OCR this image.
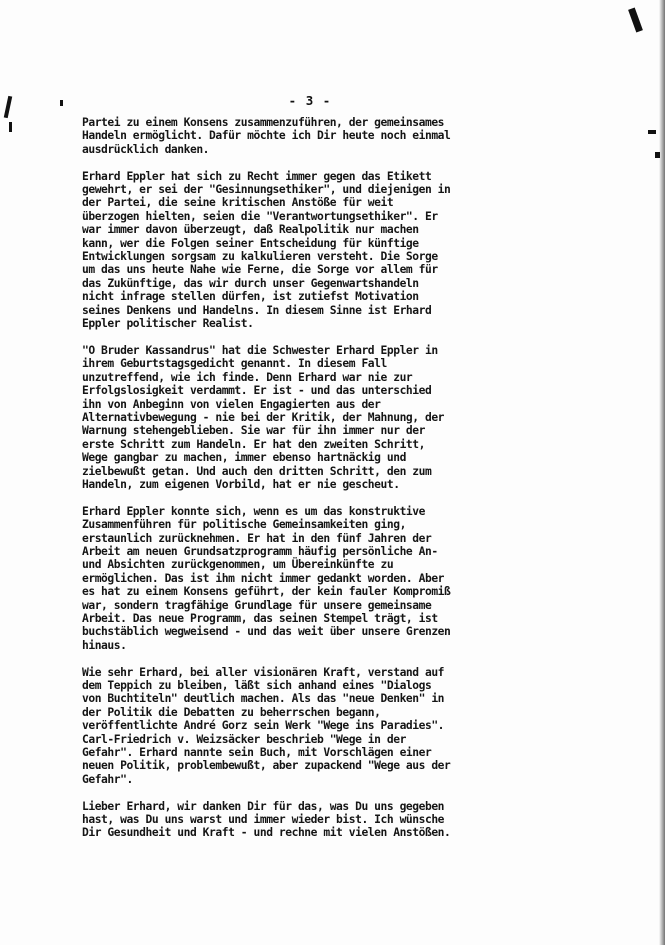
- 3 -

Partei zu einem Konsens zusammenzuführen, der gemeinsames
Handeln ermöglicht. Dafür möchte ich Dir heute noch einmal
ausdrücklich danken.

Erhard Eppler hat sich zu Recht immer gegen das Etikett
gewehrt, er sei der "Gesinnungsethiker", und diejenigen in
der Partei, die seine kritischen Anstöße für weit
überzogen hielten, seien die "Verantwortungsethiker". Er
war immer davon überzeugt, daß Realpolitik nur machen
kann, wer die Folgen seiner Entscheidung für künftige
Entwicklungen sorgsam zu kalkulieren versteht. Die Sorge
um das uns heute Nahe wie Ferne, die Sorge vor allem für
das Zukünftige, das wir durch unser Gegenwartshandeln
nicht infrage stellen dürfen, ist zutiefst Motivation
seines Denkens und Handelns. In diesem Sinne ist Erhard
Eppler politischer Realist.

"O Bruder Kassandrus" hat die Schwester Erhard Eppler in
ihrem Geburtstagsgedicht genannt. In diesem Fall
unzutreffend, wie ich finde. Denn Erhard war nie zur
Erfolgslosigkeit verdammt. Er ist - und das unterschied
ihn von Anbeginn von vielen Engagierten aus der
Alternativbewegung - nie bei der Kritik, der Mahnung, der
Warnung stehengeblieben. Sie war für ihn immer nur der
erste Schritt zum Handeln. Er hat den zweiten Schritt,
Wege gangbar zu machen, immer ebenso hartnäckig und
zielbewußt getan. Und auch den dritten Schritt, den zum
Handeln, zum eigenen Vorbild, hat er nie gescheut.

Erhard Eppler konnte sich, wenn es um das konstruktive
Zusammenführen für politische Gemeinsamkeiten ging,
erstaunlich zurücknehmen. Er hat in den fünf Jahren der
Arbeit am neuen Grundsatzprogramm häufig persönliche An-
und Absichten zurückgenommen, um Übereinkünfte zu
ermöglichen. Das ist ihm nicht immer gedankt worden. Aber
es hat zu einem Konsens geführt, der kein fauler Kompromiß
war, sondern tragfähige Grundlage für unsere gemeinsame
Arbeit. Das neue Programm, das seinen Stempel trägt, ist
buchstäblich wegweisend - und das weit über unsere Grenzen
hinaus.

Wie sehr Erhard, bei aller visionären Kraft, verstand auf
dem Teppich zu bleiben, läßt sich anhand eines "Dialogs
von Buchtiteln" deutlich machen. Als das "neue Denken" in
der Politik die Debatten zu beherrschen begann,
veröffentlichte André Gorz sein Werk "Wege ins Paradies".
Carl-Friedrich v. Weizsäcker beschrieb "Wege in der
Gefahr". Erhard nannte sein Buch, mit Vorschlägen einer
neuen Politik, problembewußt, aber zupackend "Wege aus der
Gefahr".

Lieber Erhard, wir danken Dir für das, was Du uns gegeben
hast, was Du uns warst und immer wieder bist. Ich wünsche
Dir Gesundheit und Kraft - und rechne mit vielen Anstößen.
